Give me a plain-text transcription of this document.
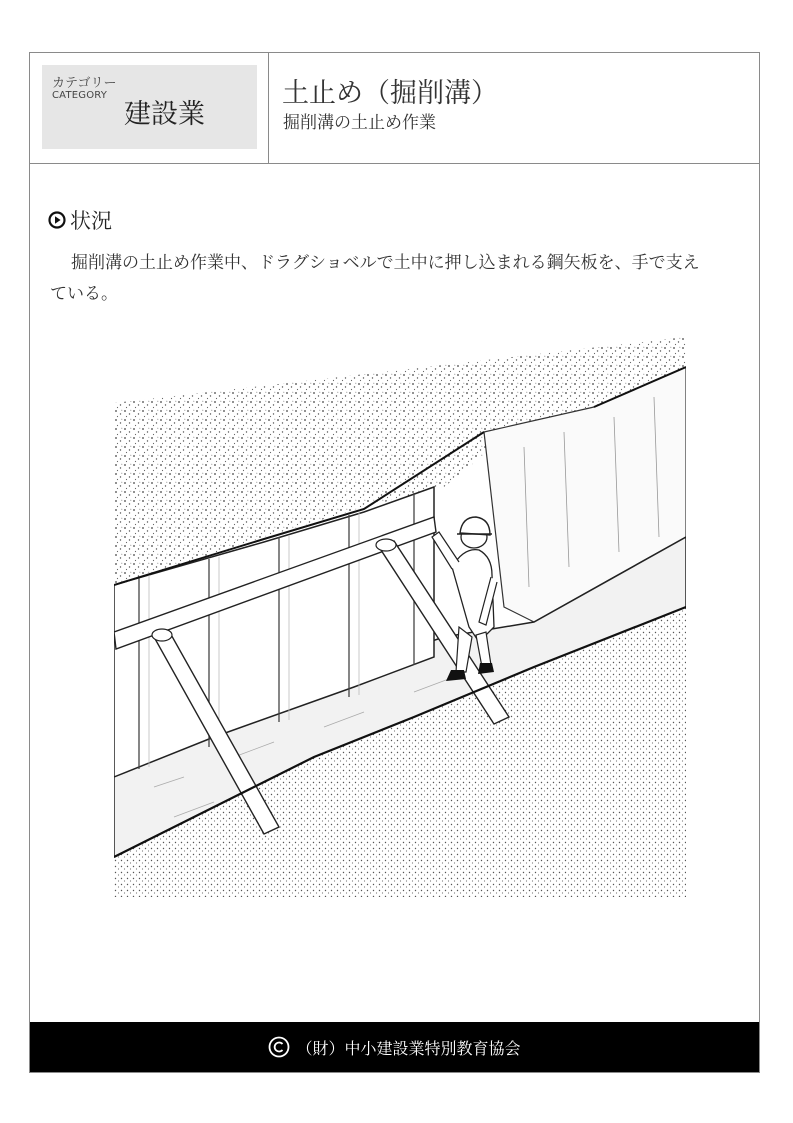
カテゴリー
CATEGORY
建設業
土止め（掘削溝）
掘削溝の土止め作業
状況
掘削溝の土止め作業中、ドラグショベルで土中に押し込まれる鋼矢板を、手で支えている。
（財）中小建設業特別教育協会
